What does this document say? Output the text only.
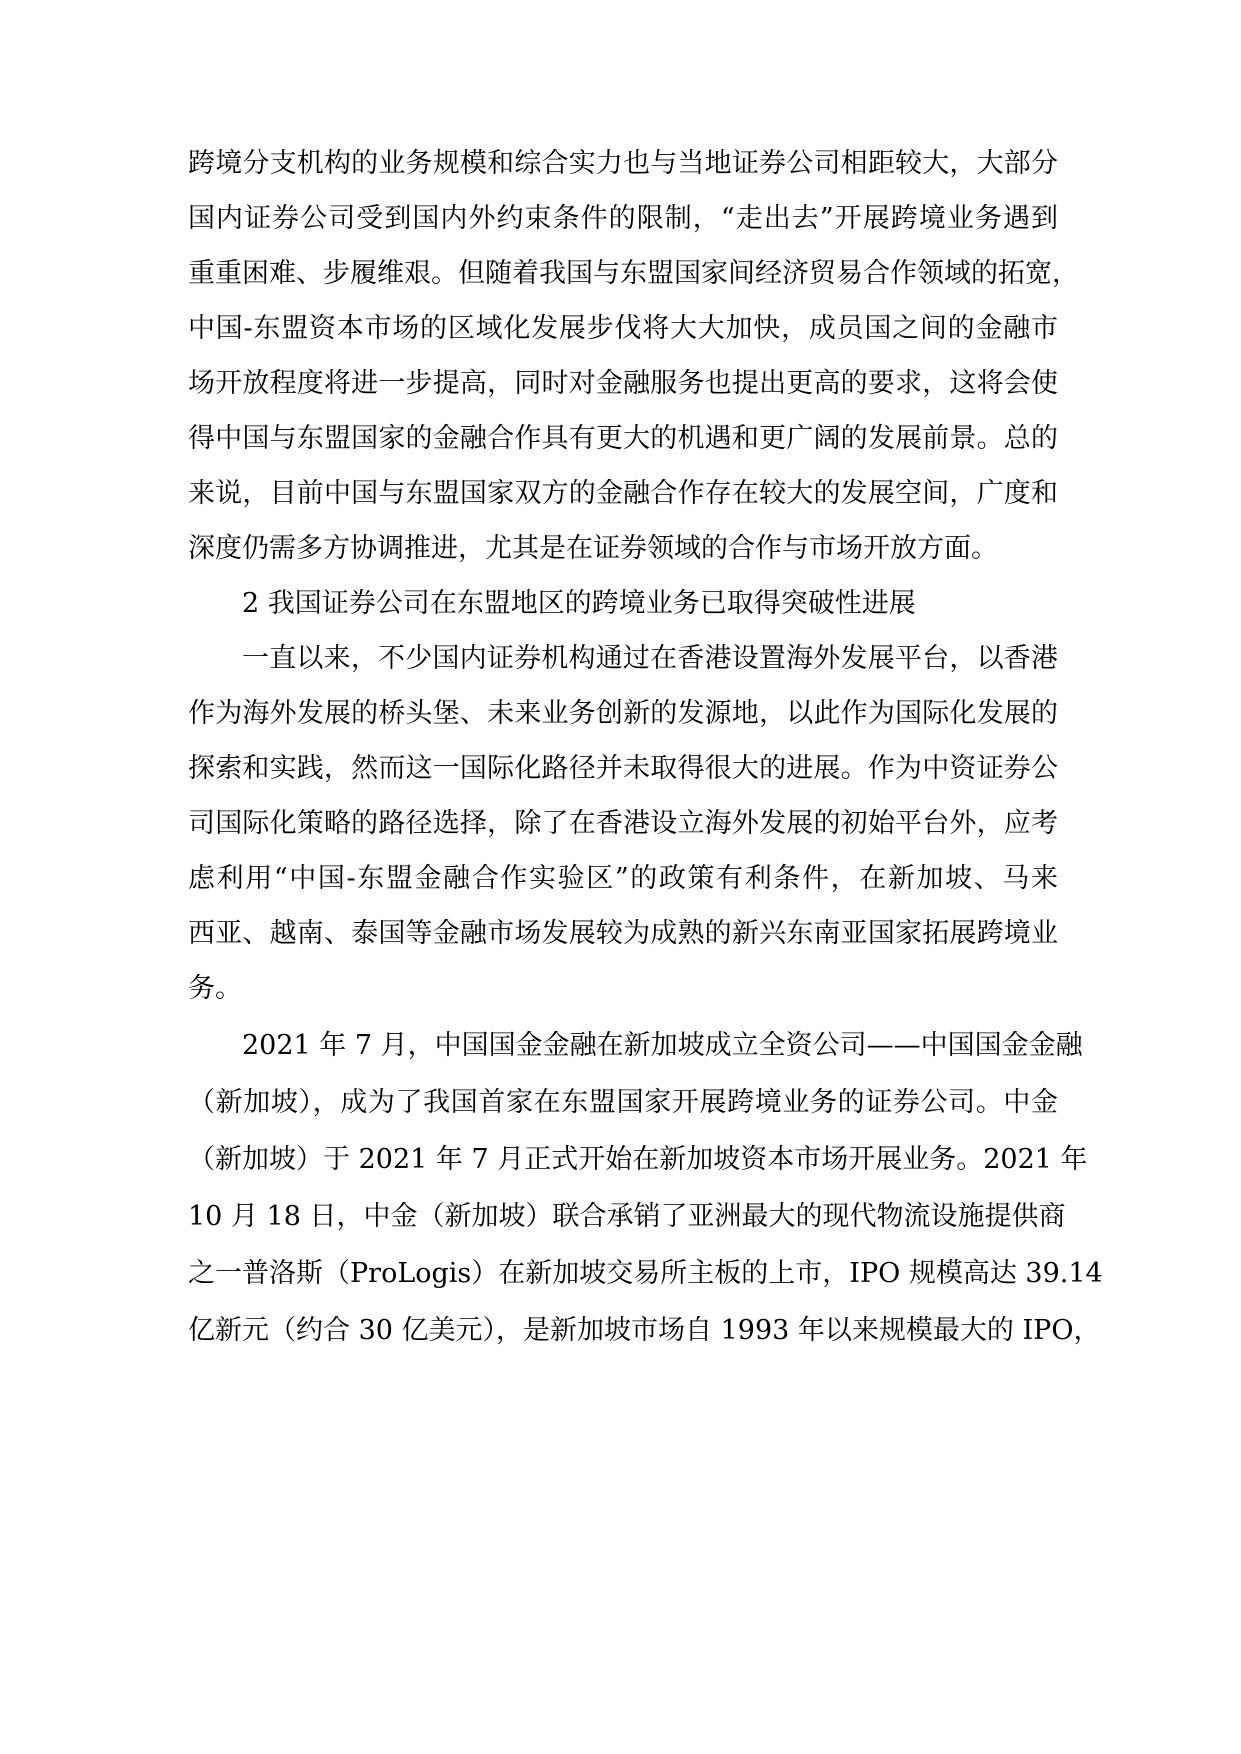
跨境分支机构的业务规模和综合实力也与当地证券公司相距较大，大部分
国内证券公司受到国内外约束条件的限制，“走出去”开展跨境业务遇到
重重困难、步履维艰。但随着我国与东盟国家间经济贸易合作领域的拓宽，
中国-东盟资本市场的区域化发展步伐将大大加快，成员国之间的金融市
场开放程度将进一步提高，同时对金融服务也提出更高的要求，这将会使
得中国与东盟国家的金融合作具有更大的机遇和更广阔的发展前景。总的
来说，目前中国与东盟国家双方的金融合作存在较大的发展空间，广度和
深度仍需多方协调推进，尤其是在证券领域的合作与市场开放方面。
2 我国证券公司在东盟地区的跨境业务已取得突破性进展
一直以来，不少国内证券机构通过在香港设置海外发展平台，以香港
作为海外发展的桥头堡、未来业务创新的发源地，以此作为国际化发展的
探索和实践，然而这一国际化路径并未取得很大的进展。作为中资证券公
司国际化策略的路径选择，除了在香港设立海外发展的初始平台外，应考
虑利用“中国-东盟金融合作实验区”的政策有利条件，在新加坡、马来
西亚、越南、泰国等金融市场发展较为成熟的新兴东南亚国家拓展跨境业
务。
2021 年 7 月，中国国金金融在新加坡成立全资公司——中国国金金融
（新加坡），成为了我国首家在东盟国家开展跨境业务的证券公司。中金
（新加坡）于 2021 年 7 月正式开始在新加坡资本市场开展业务。2021 年
10 月 18 日，中金（新加坡）联合承销了亚洲最大的现代物流设施提供商
之一普洛斯（ProLogis）在新加坡交易所主板的上市，IPO 规模高达 39.14
亿新元（约合 30 亿美元），是新加坡市场自 1993 年以来规模最大的 IPO，
